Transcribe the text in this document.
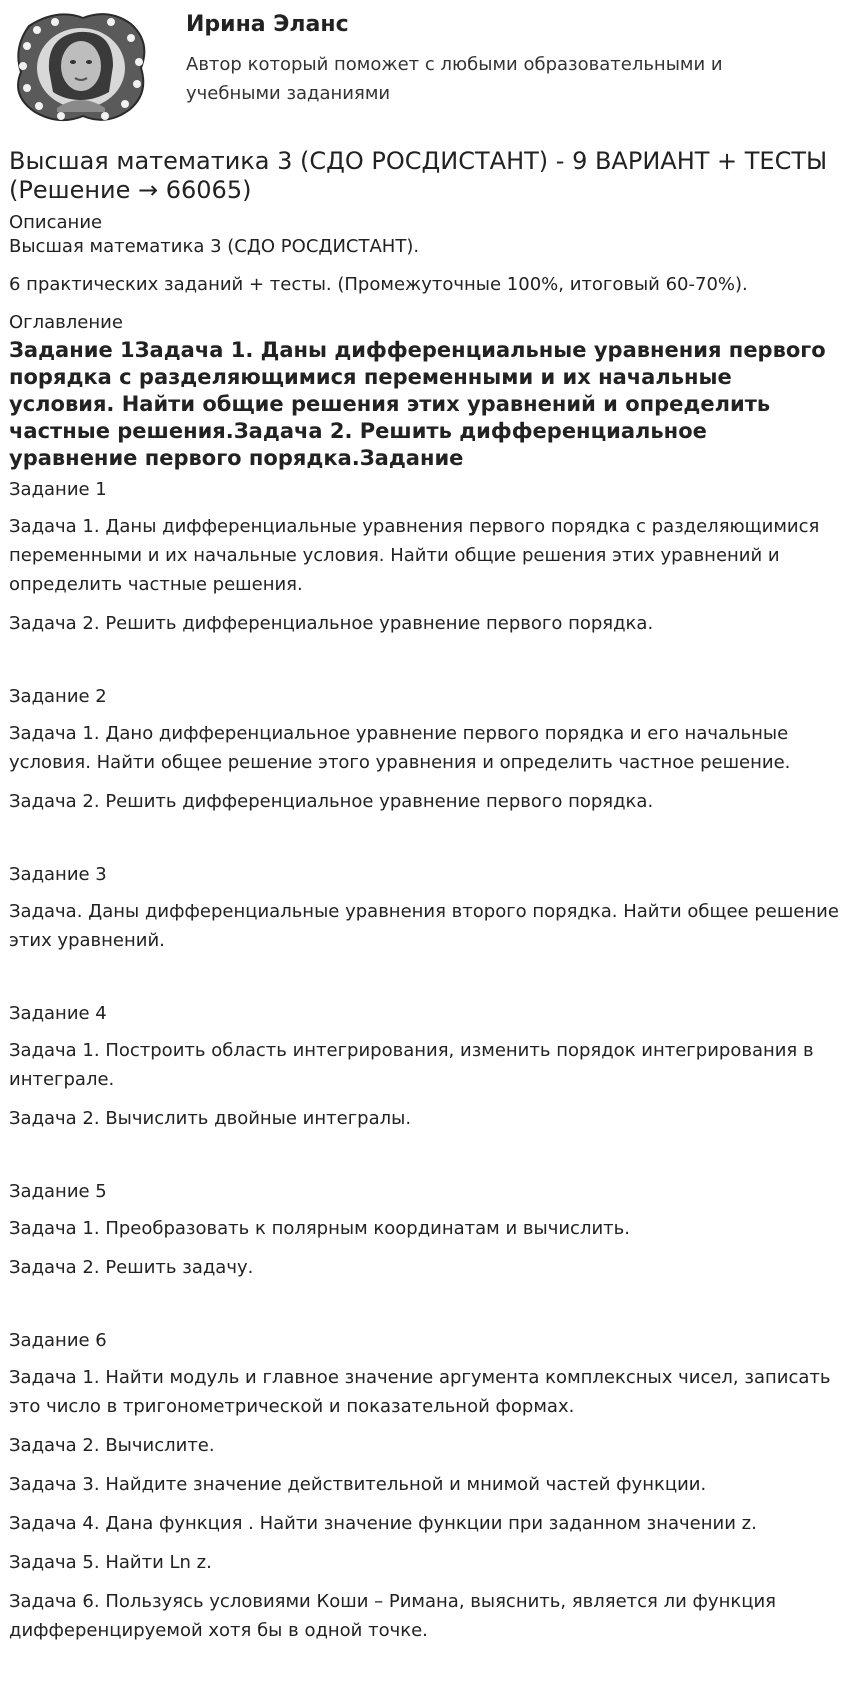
Ирина Эланс
Автор который поможет с любыми образовательными и учебными заданиями
Высшая математика 3 (СДО РОСДИСТАНТ) - 9 ВАРИАНТ + ТЕСТЫ (Решение → 66065)
Описание
Высшая математика 3 (СДО РОСДИСТАНТ).
6 практических заданий + тесты. (Промежуточные 100%, итоговый 60-70%).
Оглавление
Задание 1Задача 1. Даны дифференциальные уравнения первого порядка с разделяющимися переменными и их начальные условия. Найти общие решения этих уравнений и определить частные решения.Задача 2. Решить дифференциальное уравнение первого порядка.Задание
Задание 1
Задача 1. Даны дифференциальные уравнения первого порядка с разделяющимися переменными и их начальные условия. Найти общие решения этих уравнений и определить частные решения.
Задача 2. Решить дифференциальное уравнение первого порядка.
Задание 2
Задача 1. Дано дифференциальное уравнение первого порядка и его начальные условия. Найти общее решение этого уравнения и определить частное решение.
Задача 2. Решить дифференциальное уравнение первого порядка.
Задание 3
Задача. Даны дифференциальные уравнения второго порядка. Найти общее решение этих уравнений.
Задание 4
Задача 1. Построить область интегрирования, изменить порядок интегрирования в интеграле.
Задача 2. Вычислить двойные интегралы.
Задание 5
Задача 1. Преобразовать к полярным координатам и вычислить.
Задача 2. Решить задачу.
Задание 6
Задача 1. Найти модуль и главное значение аргумента комплексных чисел, записать это число в тригонометрической и показательной формах.
Задача 2. Вычислите.
Задача 3. Найдите значение действительной и мнимой частей функции.
Задача 4. Дана функция . Найти значение функции при заданном значении z.
Задача 5. Найти Ln z.
Задача 6. Пользуясь условиями Коши – Римана, выяснить, является ли функция дифференцируемой хотя бы в одной точке.
